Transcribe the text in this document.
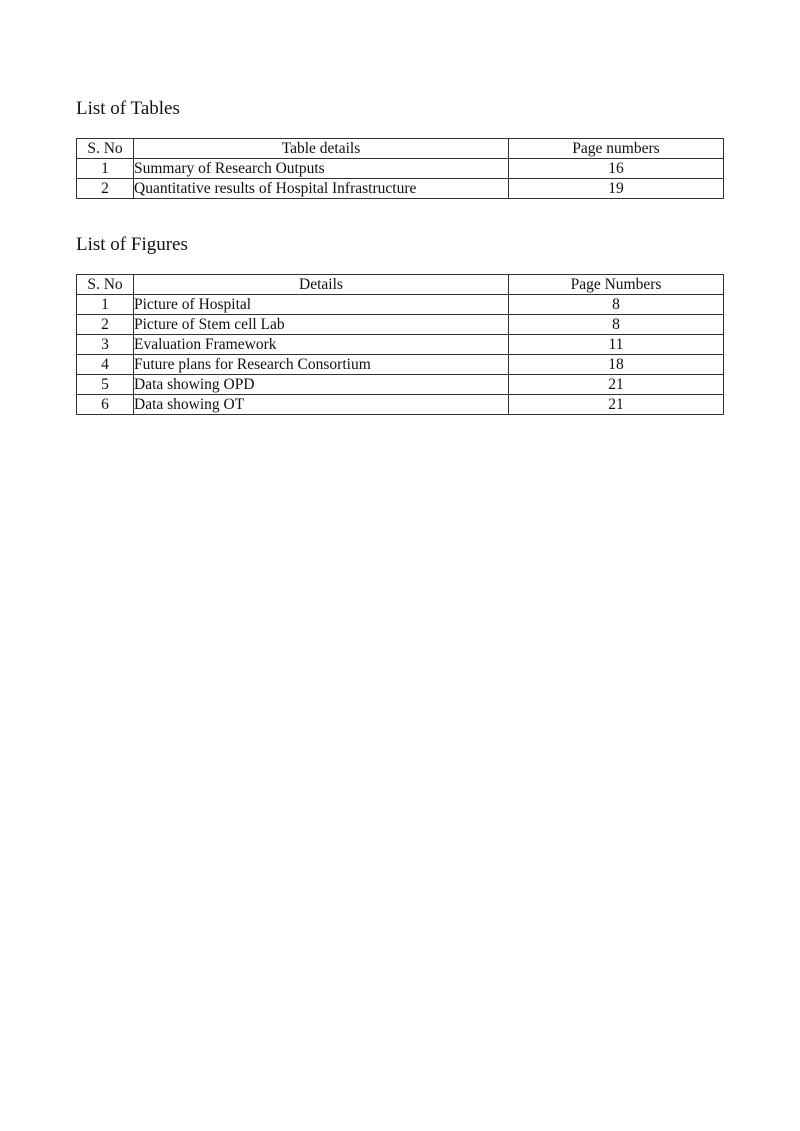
List of Tables
S. No	Table details	Page numbers
1	Summary of Research Outputs	16
2	Quantitative results of Hospital Infrastructure	19
List of Figures
S. No	Details	Page Numbers
1	Picture of Hospital	8
2	Picture of Stem cell Lab	8
3	Evaluation Framework	11
4	Future plans for Research Consortium	18
5	Data showing OPD	21
6	Data showing OT	21
